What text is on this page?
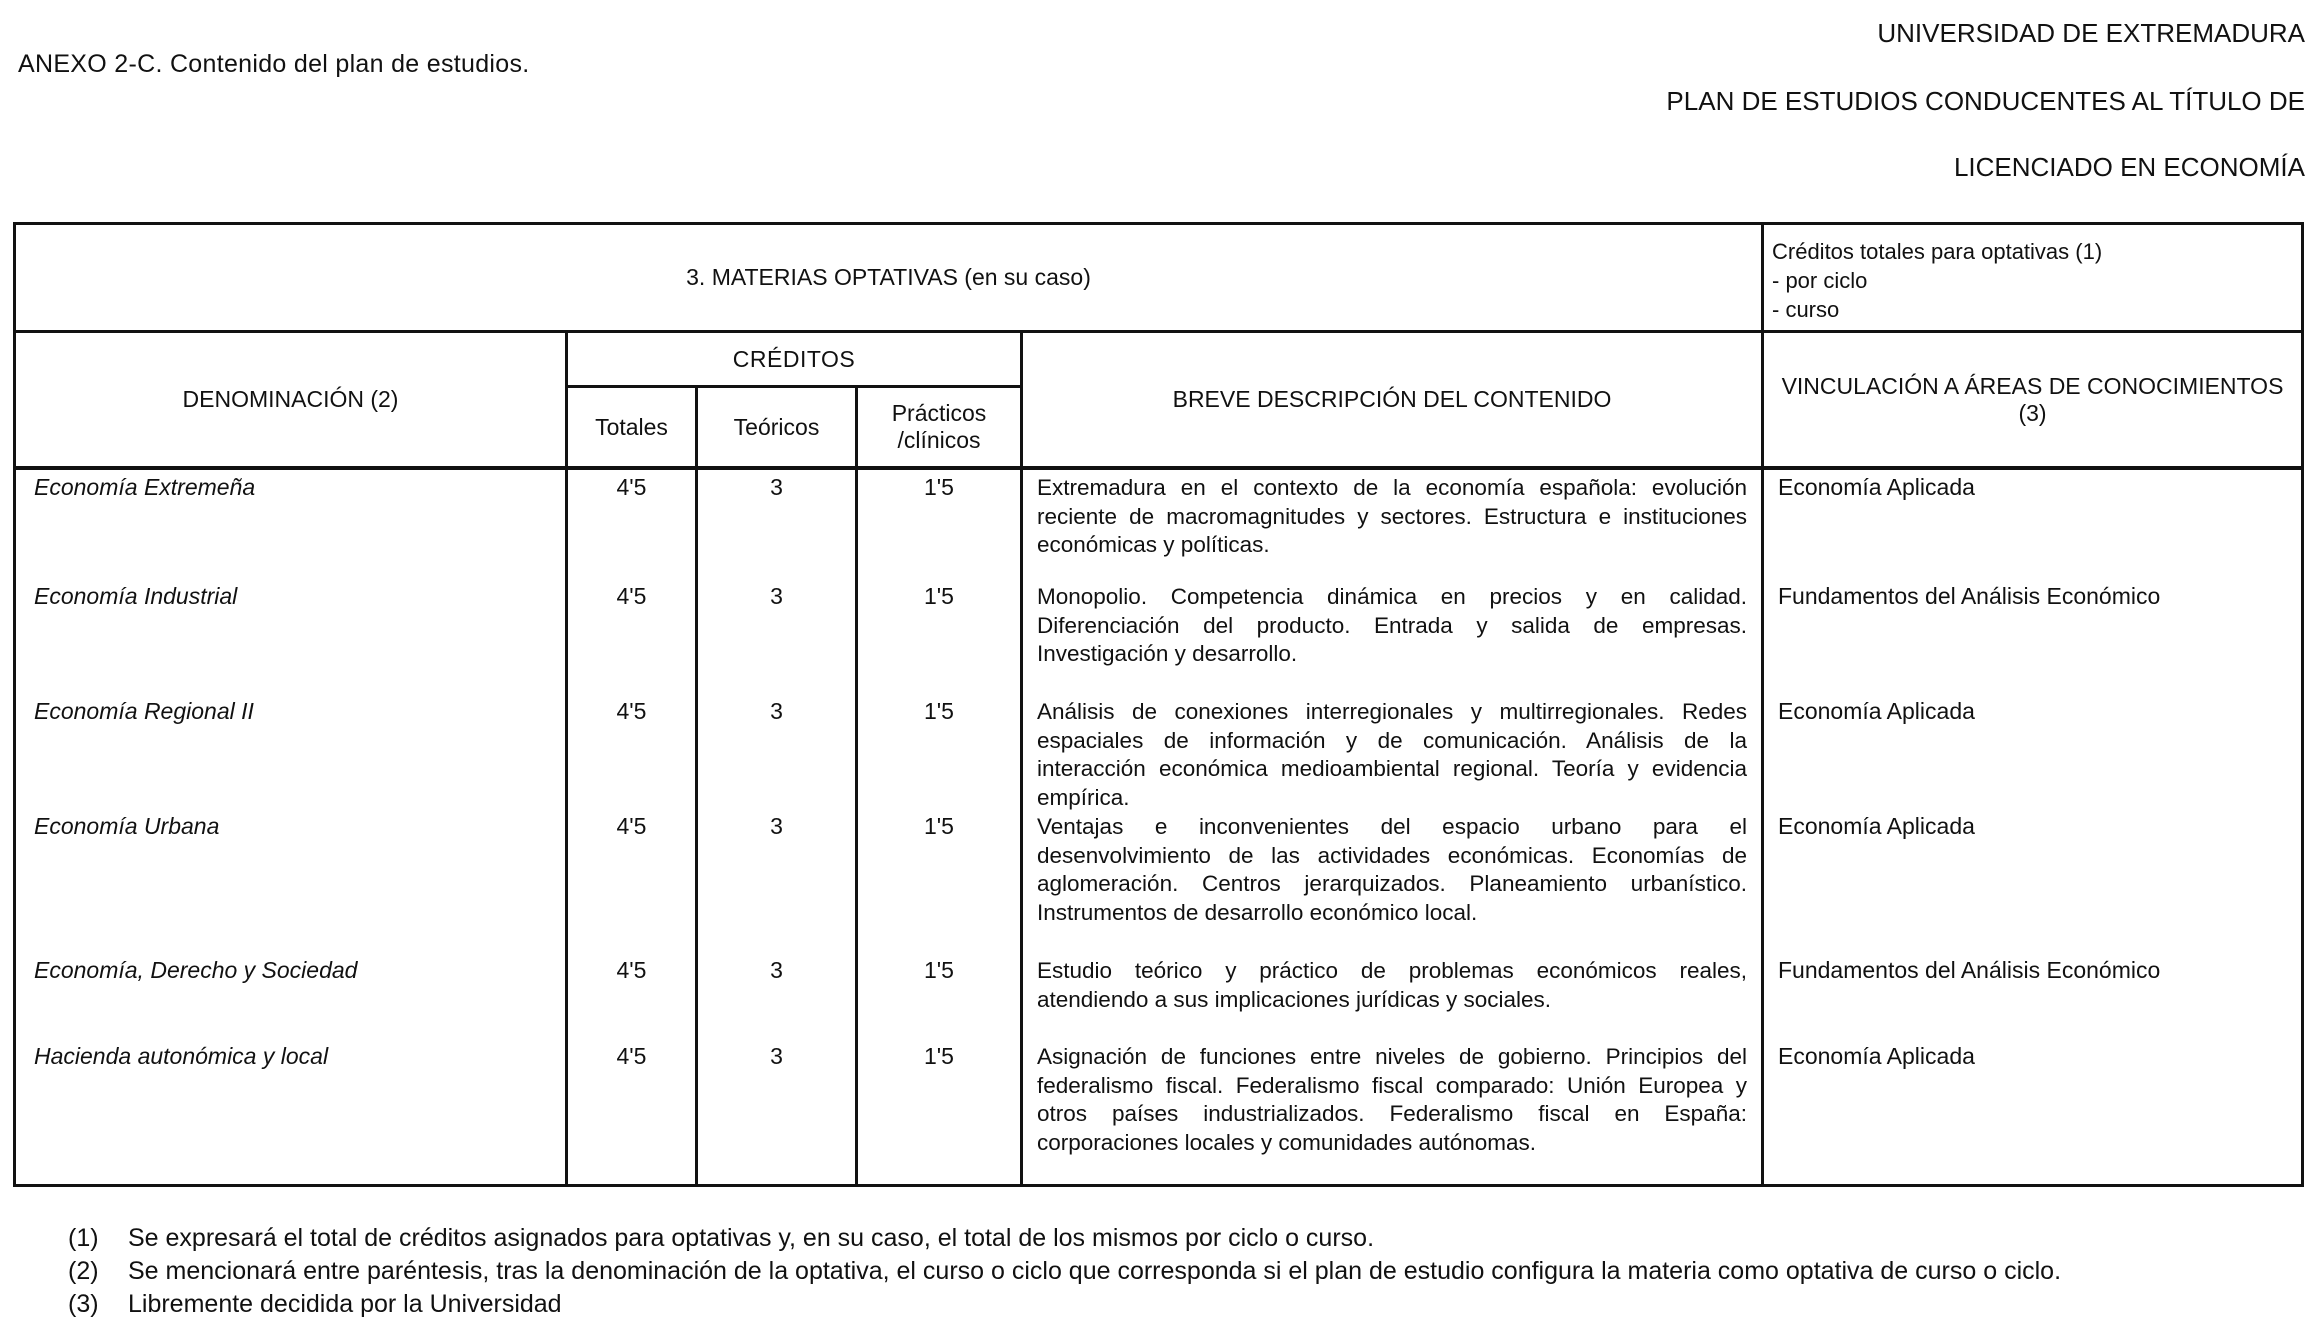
ANEXO 2-C. Contenido del plan de estudios.
UNIVERSIDAD DE EXTREMADURA
PLAN DE ESTUDIOS CONDUCENTES AL TÍTULO DE
LICENCIADO EN ECONOMÍA
3. MATERIAS OPTATIVAS (en su caso)					Créditos totales para optativas (1)
- por ciclo
- curso

DENOMINACIÓN (2)	CRÉDITOS			BREVE DESCRIPCIÓN DEL CONTENIDO	VINCULACIÓN A ÁREAS DE CONOCIMIENTOS (3)
	Totales	Teóricos	Prácticos /clínicos		
Economía Extremeña	4'5	3	1'5	Extremadura en el contexto de la economía española: evolución reciente de macromagnitudes y sectores. Estructura e instituciones económicas y políticas.	Economía Aplicada
Economía Industrial	4'5	3	1'5	Monopolio. Competencia dinámica en precios y en calidad. Diferenciación del producto. Entrada y salida de empresas. Investigación y desarrollo.	Fundamentos del Análisis Económico
Economía Regional II	4'5	3	1'5	Análisis de conexiones interregionales y multirregionales. Redes espaciales de información y de comunicación. Análisis de la interacción económica medioambiental regional. Teoría y evidencia empírica.	Economía Aplicada
Economía Urbana	4'5	3	1'5	Ventajas e inconvenientes del espacio urbano para el desenvolvimiento de las actividades económicas. Economías de aglomeración. Centros jerarquizados. Planeamiento urbanístico. Instrumentos de desarrollo económico local.	Economía Aplicada
Economía, Derecho y Sociedad	4'5	3	1'5	Estudio teórico y práctico de problemas económicos reales, atendiendo a sus implicaciones jurídicas y sociales.	Fundamentos del Análisis Económico
Hacienda autonómica y local	4'5	3	1'5	Asignación de funciones entre niveles de gobierno. Principios del federalismo fiscal. Federalismo fiscal comparado: Unión Europea y otros países industrializados. Federalismo fiscal en España: corporaciones locales y comunidades autónomas.	Economía Aplicada
(1)	Se expresará el total de créditos asignados para optativas y, en su caso, el total de los mismos por ciclo o curso.
(2)	Se mencionará entre paréntesis, tras la denominación de la optativa, el curso o ciclo que corresponda si el plan de estudio configura la materia como optativa de curso o ciclo.
(3)	Libremente decidida por la Universidad
